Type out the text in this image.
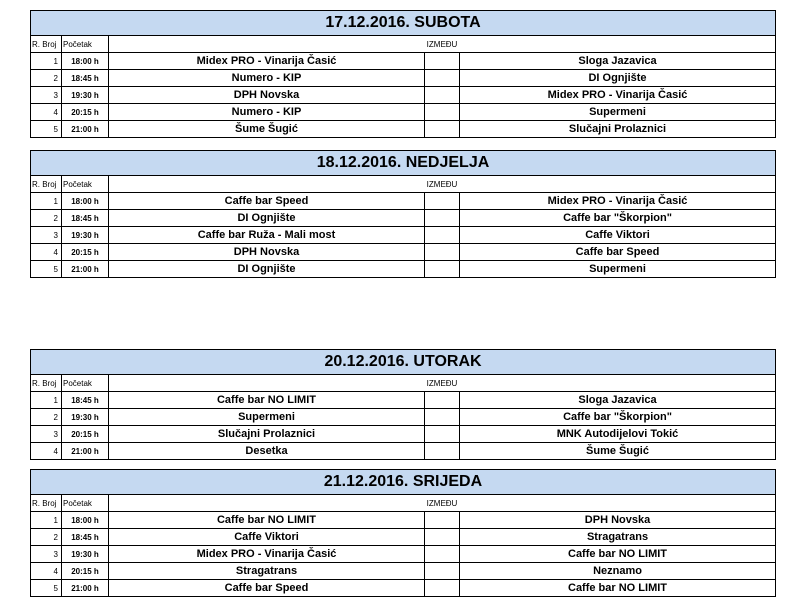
17.12.2016. SUBOTA				
R. Broj	Početak	IZMEĐU		
1	18:00 h	Midex PRO - Vinarija Časić		Sloga Jazavica
2	18:45 h	Numero - KIP		DI Ognjište
3	19:30 h	DPH Novska		Midex PRO - Vinarija Časić
4	20:15 h	Numero - KIP		Supermeni
5	21:00 h	Šume Šugić		Slučajni Prolaznici
18.12.2016. NEDJELJA				
R. Broj	Početak	IZMEĐU		
1	18:00 h	Caffe bar Speed		Midex PRO - Vinarija Časić
2	18:45 h	DI Ognjište		Caffe bar "Škorpion"
3	19:30 h	Caffe bar Ruža - Mali most		Caffe Viktori
4	20:15 h	DPH Novska		Caffe bar Speed
5	21:00 h	DI Ognjište		Supermeni
20.12.2016. UTORAK				
R. Broj	Početak	IZMEĐU		
1	18:45 h	Caffe bar NO LIMIT		Sloga Jazavica
2	19:30 h	Supermeni		Caffe bar "Škorpion"
3	20:15 h	Slučajni Prolaznici		MNK Autodijelovi Tokić
4	21:00 h	Desetka		Šume Šugić
21.12.2016. SRIJEDA				
R. Broj	Početak	IZMEĐU		
1	18:00 h	Caffe bar NO LIMIT		DPH Novska
2	18:45 h	Caffe Viktori		Stragatrans
3	19:30 h	Midex PRO - Vinarija Časić		Caffe bar NO LIMIT
4	20:15 h	Stragatrans		Neznamo
5	21:00 h	Caffe bar Speed		Caffe bar NO LIMIT
